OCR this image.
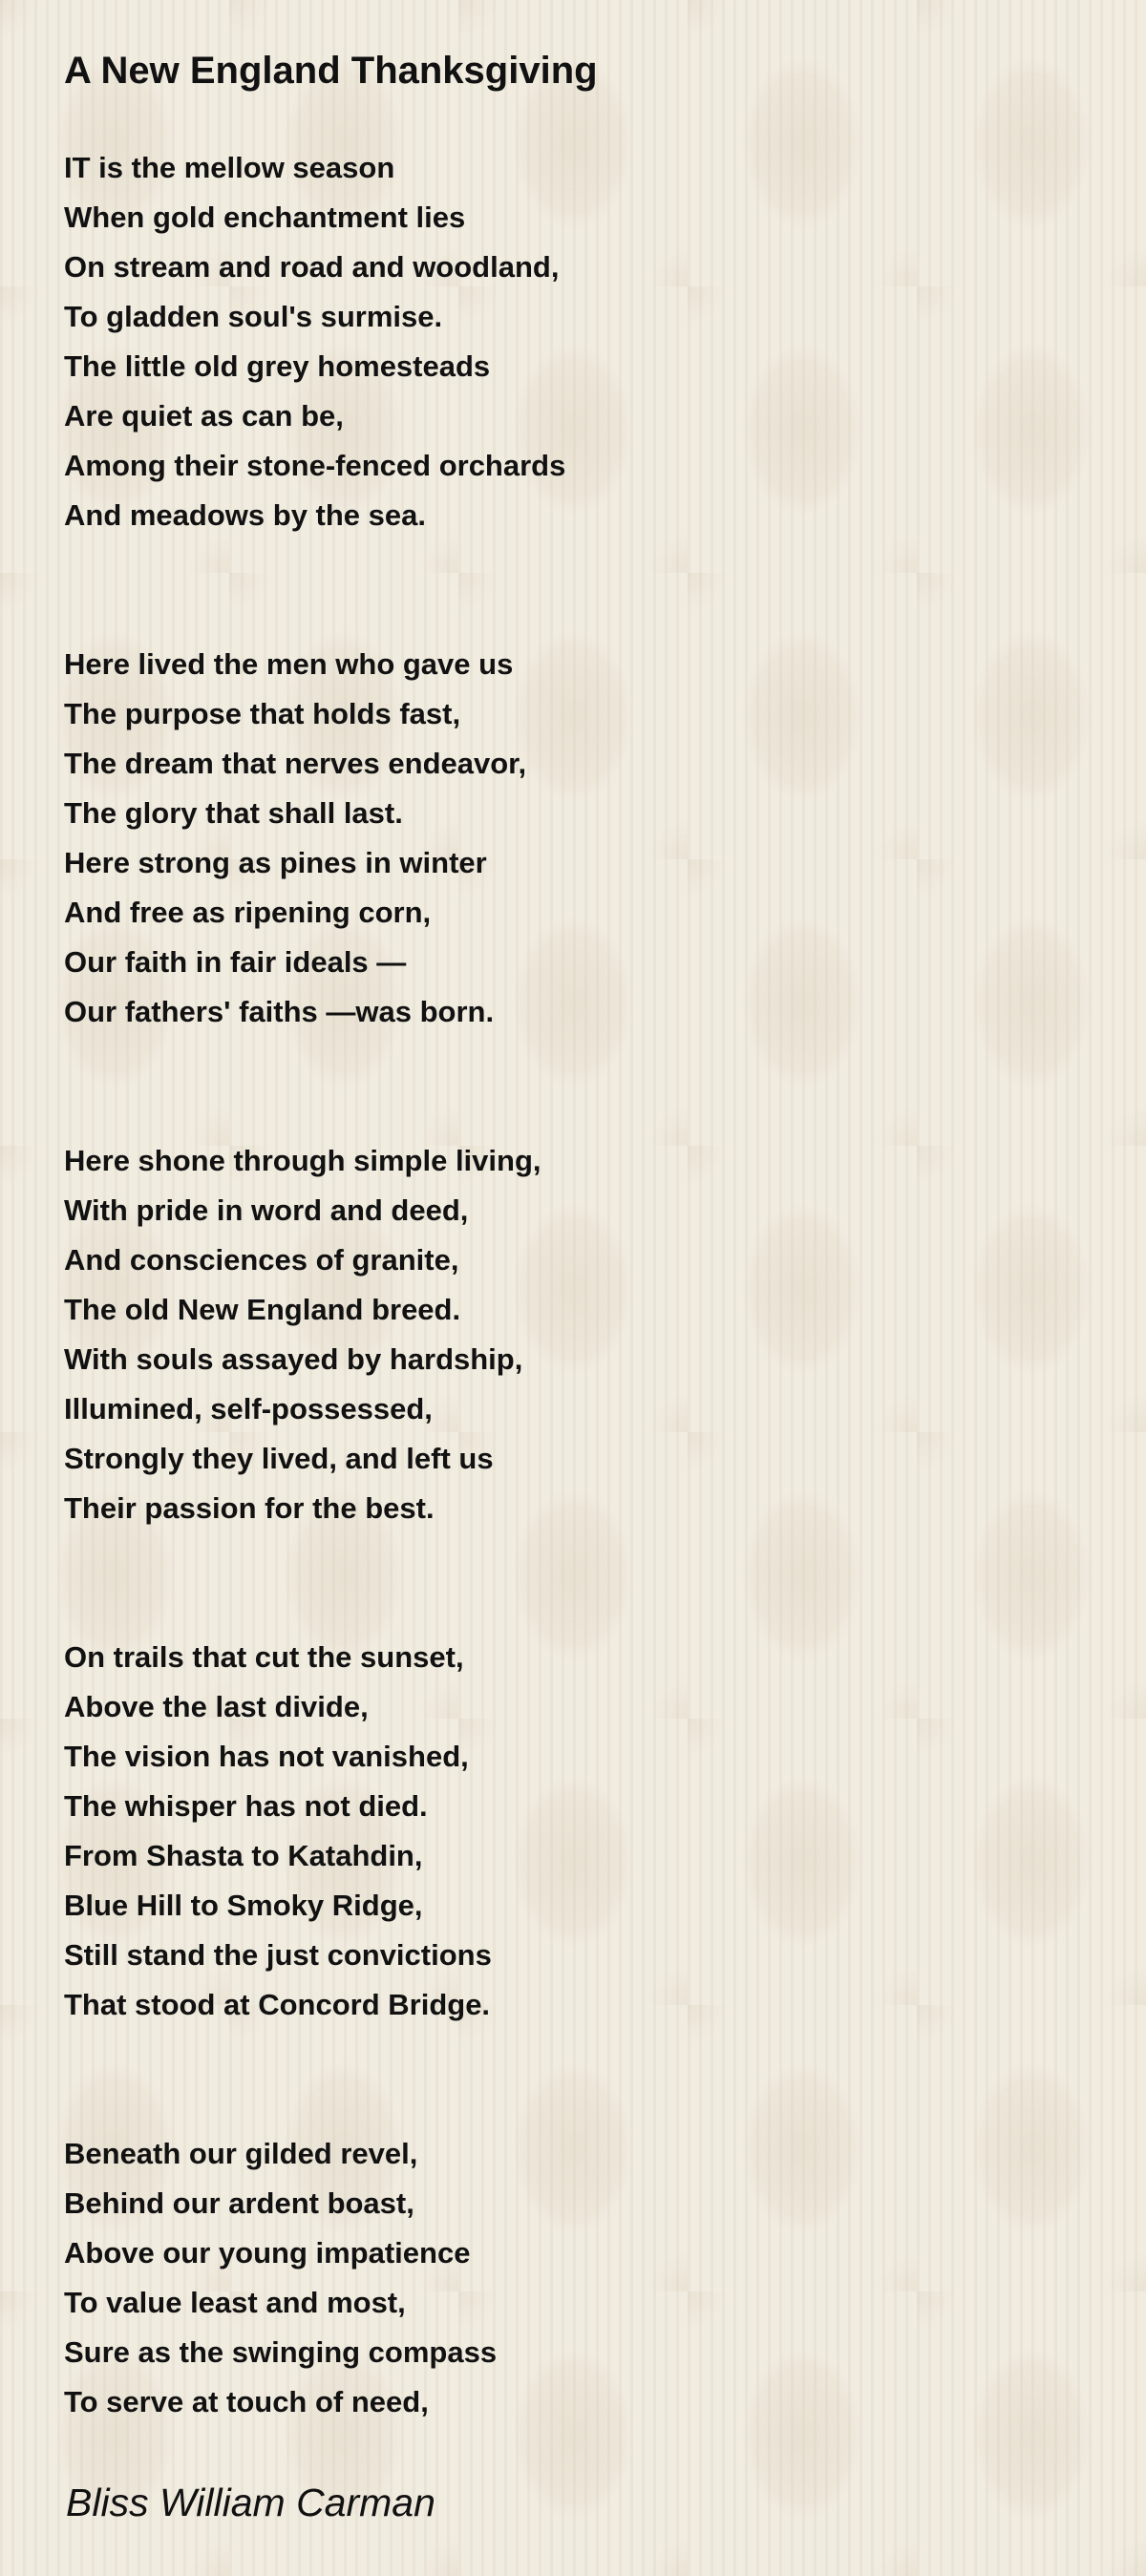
A New England Thanksgiving
IT is the mellow season
When gold enchantment lies
On stream and road and woodland,
To gladden soul's surmise.
The little old grey homesteads
Are quiet as can be,
Among their stone-fenced orchards
And meadows by the sea.
Here lived the men who gave us
The purpose that holds fast,
The dream that nerves endeavor,
The glory that shall last.
Here strong as pines in winter
And free as ripening corn,
Our faith in fair ideals —
Our fathers' faiths —was born.
Here shone through simple living,
With pride in word and deed,
And consciences of granite,
The old New England breed.
With souls assayed by hardship,
Illumined, self-possessed,
Strongly they lived, and left us
Their passion for the best.
On trails that cut the sunset,
Above the last divide,
The vision has not vanished,
The whisper has not died.
From Shasta to Katahdin,
Blue Hill to Smoky Ridge,
Still stand the just convictions
That stood at Concord Bridge.
Beneath our gilded revel,
Behind our ardent boast,
Above our young impatience
To value least and most,
Sure as the swinging compass
To serve at touch of need,

Bliss William Carman
